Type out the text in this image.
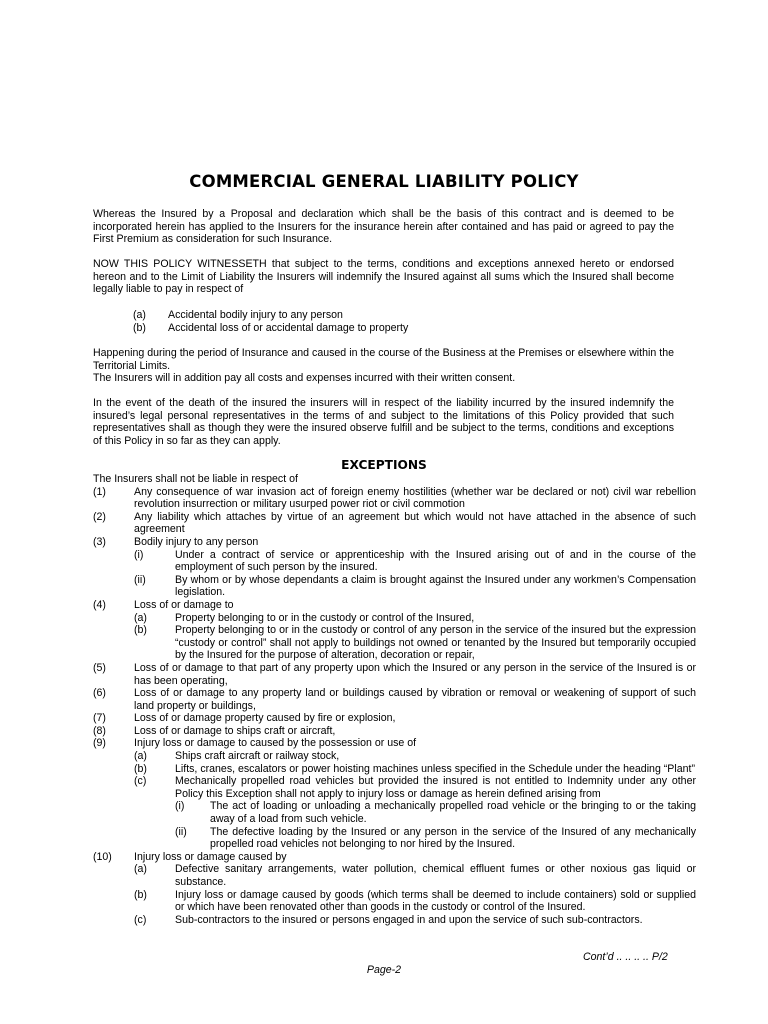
COMMERCIAL GENERAL LIABILITY POLICY

Whereas the Insured by a Proposal and declaration which shall be the basis of this contract and is deemed to be incorporated herein has applied to the Insurers for the insurance herein after contained and has paid or agreed to pay the First Premium as consideration for such Insurance.

NOW THIS POLICY WITNESSETH that subject to the terms, conditions and exceptions annexed hereto or endorsed hereon and to the Limit of Liability the Insurers will indemnify the Insured against all sums which the Insured shall become legally liable to pay in respect of

(a)	Accidental bodily injury to any person
(b)	Accidental loss of or accidental damage to property

Happening during the period of Insurance and caused in the course of the Business at the Premises or elsewhere within the Territorial Limits.

The Insurers will in addition pay all costs and expenses incurred with their written consent.

In the event of the death of the insured the insurers will in respect of the liability incurred by the insured indemnify the insured’s legal personal representatives in the terms of and subject to the limitations of this Policy provided that such representatives shall as though they were the insured observe fulfill and be subject to the terms, conditions and exceptions of this Policy in so far as they can apply.

EXCEPTIONS

The Insurers shall not be liable in respect of

(1)	Any consequence of war invasion act of foreign enemy hostilities (whether war be declared or not) civil war rebellion revolution insurrection or military usurped power riot or civil commotion
(2)	Any liability which attaches by virtue of an agreement but which would not have attached in the absence of such agreement
(3)	Bodily injury to any person
(i)	Under a contract of service or apprenticeship with the Insured arising out of and in the course of the employment of such person by the insured.
(ii)	By whom or by whose dependants a claim is brought against the Insured under any workmen’s Compensation legislation.
(4)	Loss of or damage to
(a)	Property belonging to or in the custody or control of the Insured,
(b)	Property belonging to or in the custody or control of any person in the service of the insured but the expression “custody or control” shall not apply to buildings not owned or tenanted by the Insured but temporarily occupied by the Insured for the purpose of alteration, decoration or repair,
(5)	Loss of or damage to that part of any property upon which the Insured or any person in the service of the Insured is or has been operating,
(6)	Loss of or damage to any property land or buildings caused by vibration or removal or weakening of support of such land property or buildings,
(7)	Loss of or damage property caused by fire or explosion,
(8)	Loss of or damage to ships craft or aircraft,
(9)	Injury loss or damage to caused by the possession or use of
(a)	Ships craft aircraft or railway stock,
(b)	Lifts, cranes, escalators or power hoisting machines unless specified in the Schedule under the heading “Plant”
(c)	Mechanically propelled road vehicles but provided the insured is not entitled to Indemnity under any other Policy this Exception shall not apply to injury loss or damage as herein defined arising from
(i)	The act of loading or unloading a mechanically propelled road vehicle or the bringing to or the taking away of a load from such vehicle.
(ii)	The defective loading by the Insured or any person in the service of the Insured of any mechanically propelled road vehicles not belonging to nor hired by the Insured.
(10)	Injury loss or damage caused by
(a)	Defective sanitary arrangements, water pollution, chemical effluent fumes or other noxious gas liquid or substance.
(b)	Injury loss or damage caused by goods (which terms shall be deemed to include containers) sold or supplied or which have been renovated other than goods in the custody or control of the Insured.
(c)	Sub-contractors to the insured or persons engaged in and upon the service of such sub-contractors.
Cont’d .. .. .. .. P/2
Page-2
